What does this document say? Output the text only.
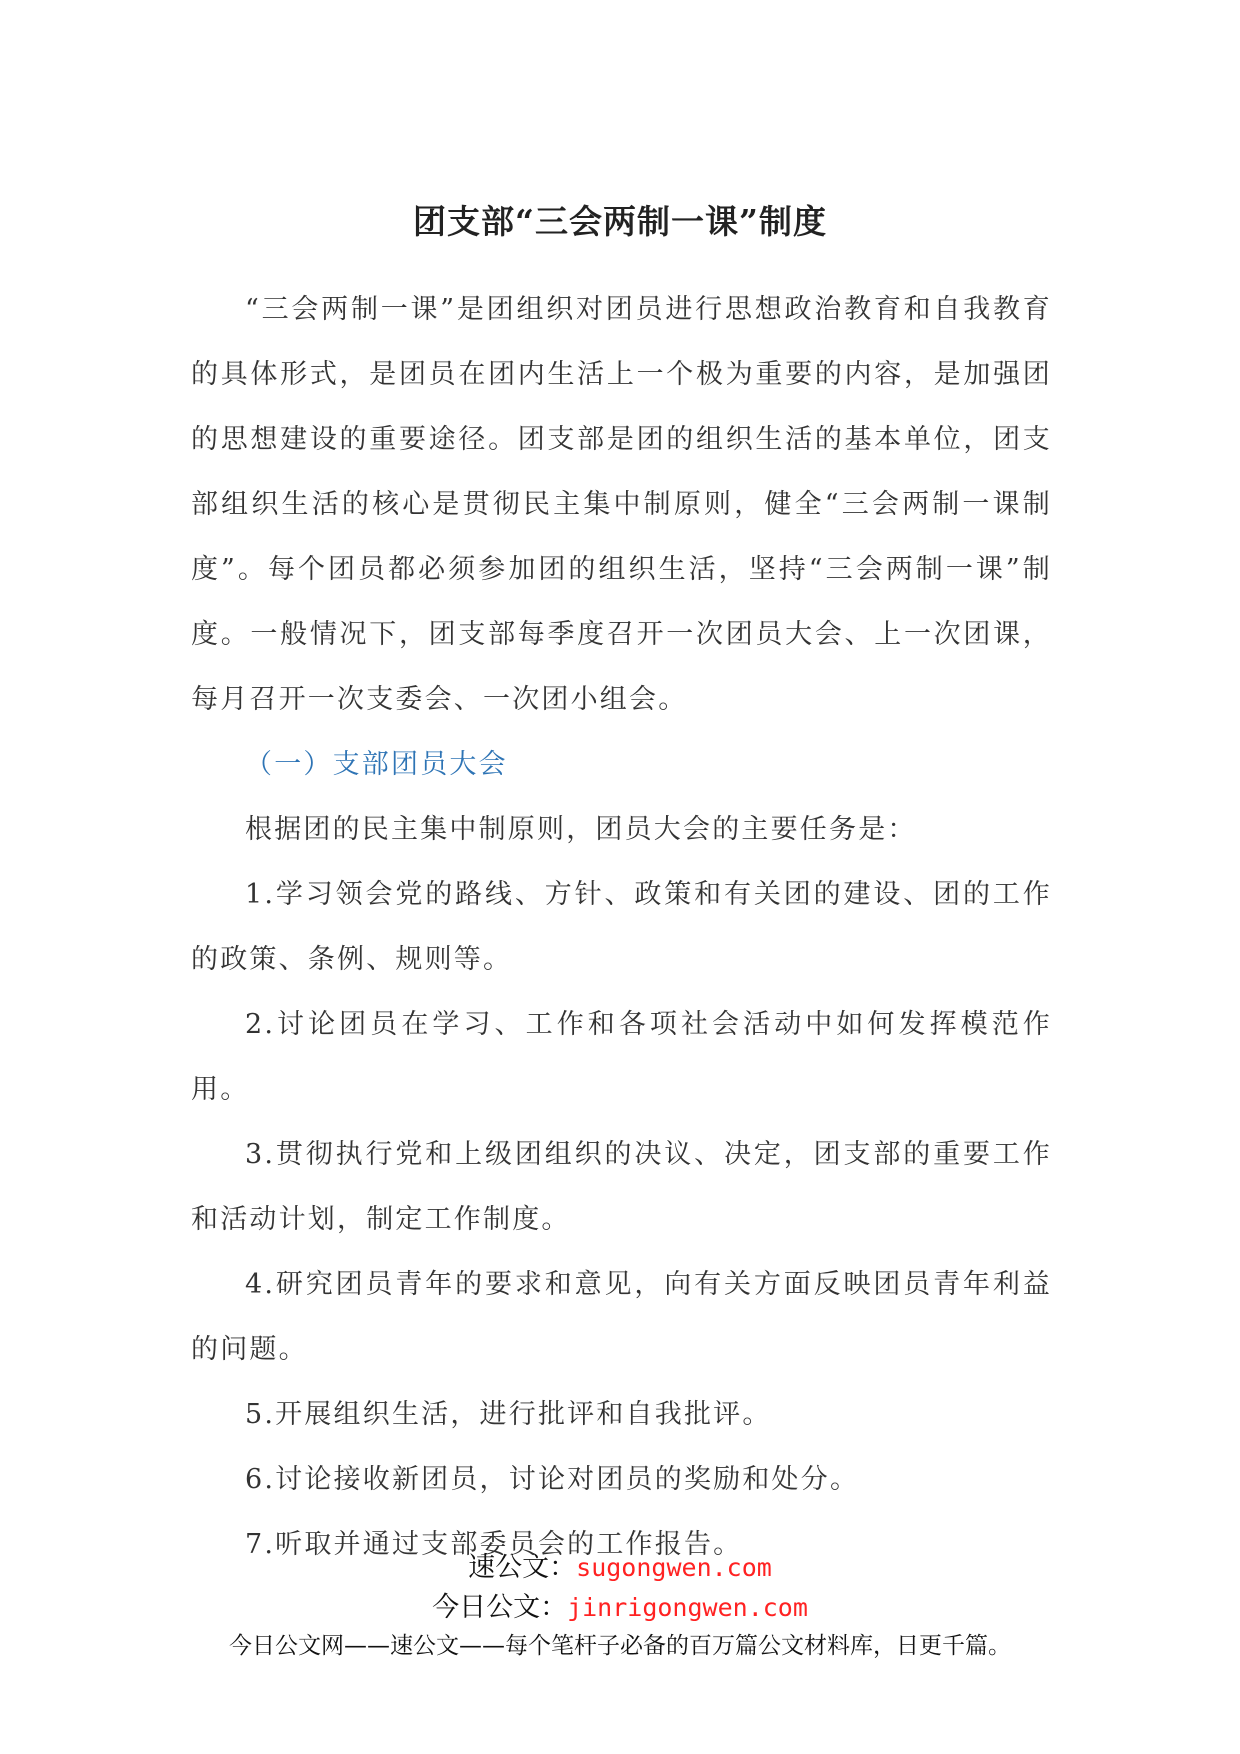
团支部“三会两制一课”制度

“三会两制一课”是团组织对团员进行思想政治教育和自我教育的具体形式，是团员在团内生活上一个极为重要的内容，是加强团的思想建设的重要途径。团支部是团的组织生活的基本单位，团支部组织生活的核心是贯彻民主集中制原则，健全“三会两制一课制度”。每个团员都必须参加团的组织生活，坚持“三会两制一课”制度。一般情况下，团支部每季度召开一次团员大会、上一次团课，每月召开一次支委会、一次团小组会。

（一）支部团员大会

根据团的民主集中制原则，团员大会的主要任务是：

1.学习领会党的路线、方针、政策和有关团的建设、团的工作的政策、条例、规则等。

2.讨论团员在学习、工作和各项社会活动中如何发挥模范作用。

3.贯彻执行党和上级团组织的决议、决定，团支部的重要工作和活动计划，制定工作制度。

4.研究团员青年的要求和意见，向有关方面反映团员青年利益的问题。

5.开展组织生活，进行批评和自我批评。

6.讨论接收新团员，讨论对团员的奖励和处分。

7.听取并通过支部委员会的工作报告。

速公文：sugongwen.com
今日公文：jinrigongwen.com
今日公文网——速公文——每个笔杆子必备的百万篇公文材料库，日更千篇。
